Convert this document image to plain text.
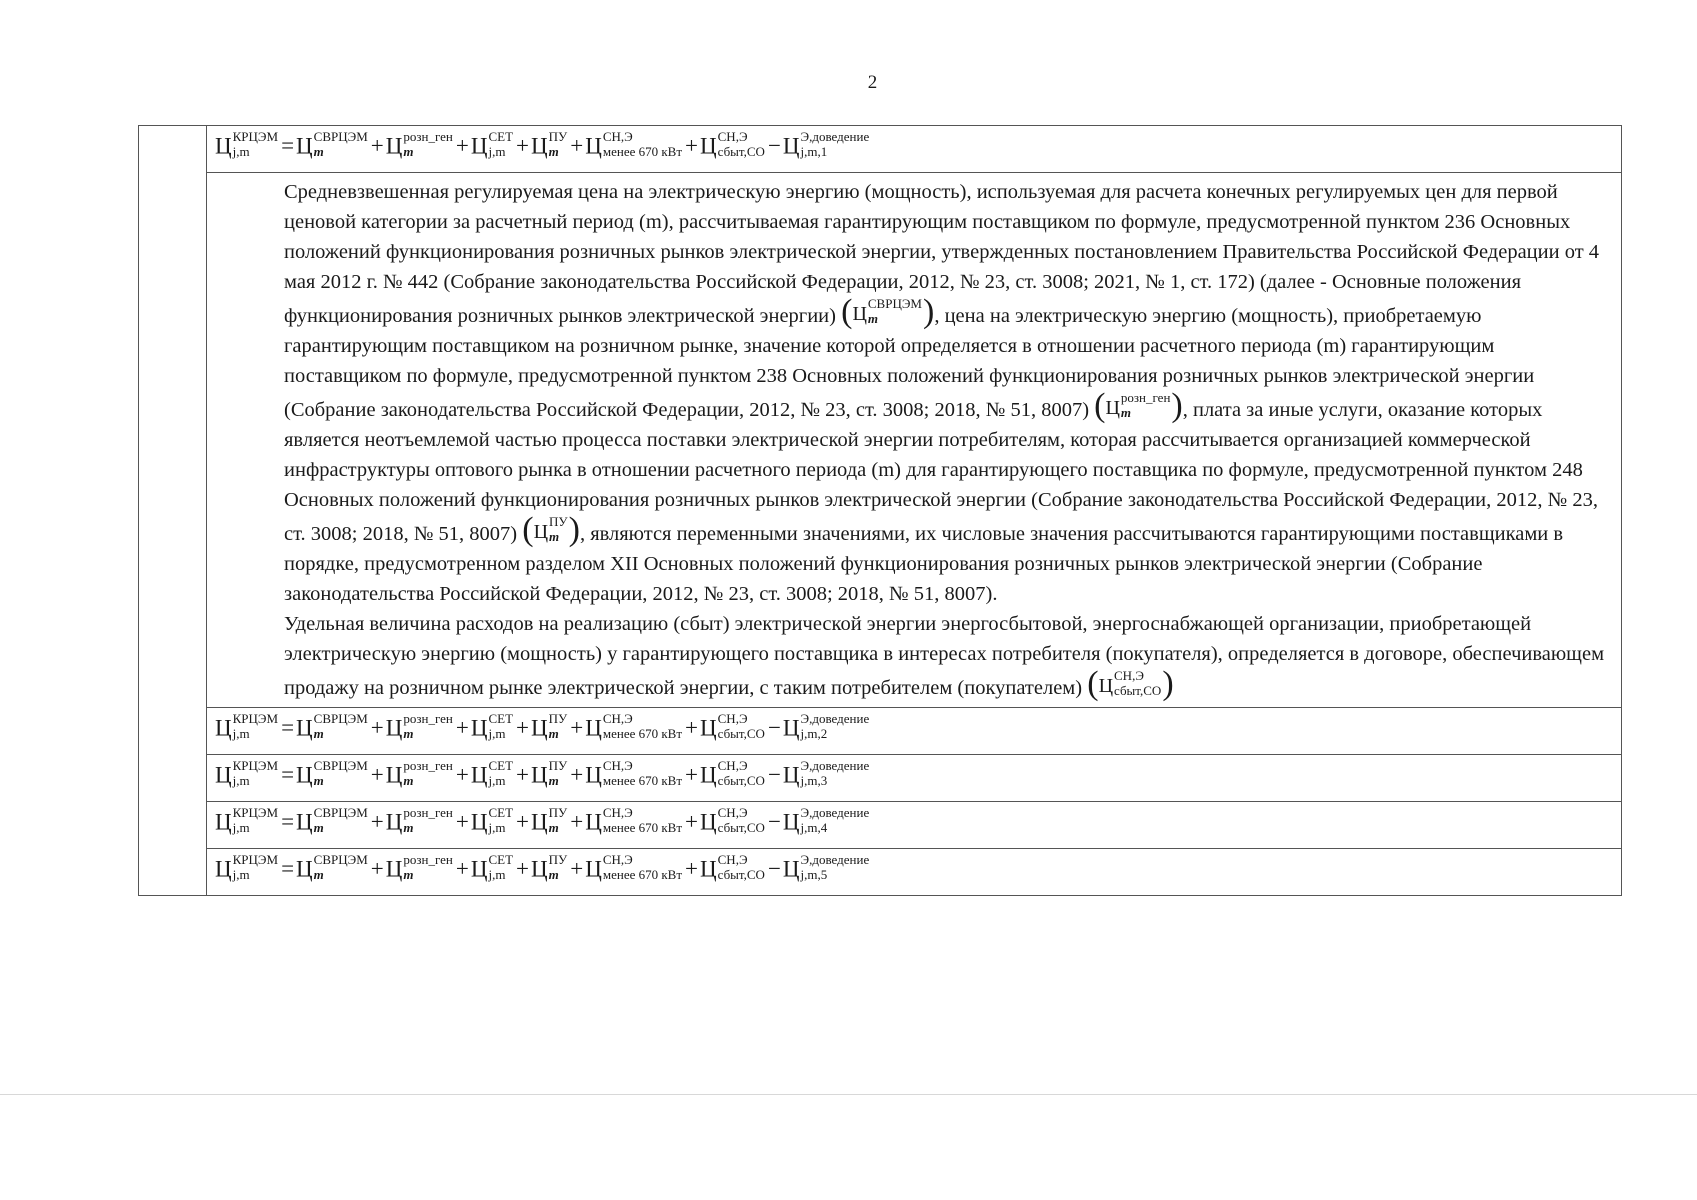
2

Ц КРЦЭМ
j,m	=Ц СВРЦЭМ
m	+Ц розн_ген
m	+Ц СЕТ
j,m +Ц ПУ
m +Ц СН,Э
менее 670 кВт +Ц СН,Э
сбыт,СО −Ц Э,доведение
j,m,1

Средневзвешенная регулируемая цена на электрическую энергию (мощность), используемая для расчета конечных регулируемых цен для первой ценовой категории за расчетный период (m), рассчитываемая гарантирующим поставщиком по формуле, предусмотренной пунктом 236 Основных положений функционирования розничных рынков электрической энергии, утвержденных постановлением Правительства Российской Федерации от 4 мая 2012 г. № 442 (Собрание законодательства Российской Федерации, 2012, № 23, ст. 3008; 2021, № 1, ст. 172) (далее - Основные положения функционирования розничных рынков электрической энергии) (Ц СВРЦЭМ
m	), цена на электрическую энергию (мощность), приобретаемую гарантирующим поставщиком на розничном рынке, значение которой определяется в отношении расчетного периода (m) гарантирующим поставщиком по формуле, предусмотренной пунктом 238 Основных положений функционирования розничных рынков электрической энергии (Собрание законодательства Российской Федерации, 2012, № 23, ст. 3008; 2018, № 51, 8007) (Ц розн_ген
m	), плата за иные услуги, оказание которых является неотъемлемой частью процесса поставки электрической энергии потребителям, которая рассчитывается организацией коммерческой инфраструктуры оптового рынка в отношении расчетного периода (m) для гарантирующего поставщика по формуле, предусмотренной пунктом 248 Основных положений функционирования розничных рынков электрической энергии (Собрание законодательства Российской Федерации, 2012, № 23, ст. 3008; 2018, № 51, 8007) (Ц ПУ
m ), являются переменными значениями, их числовые значения рассчитываются гарантирующими поставщиками в порядке, предусмотренном разделом XII Основных положений функционирования розничных рынков электрической энергии (Собрание законодательства Российской Федерации, 2012, № 23, ст. 3008; 2018, № 51, 8007).

Удельная величина расходов на реализацию (сбыт) электрической энергии энергосбытовой, энергоснабжающей организации, приобретающей электрическую энергию (мощность) у гарантирующего поставщика в интересах потребителя (покупателя), определяется в договоре, обеспечивающем продажу на розничном рынке электрической энергии, с таким потребителем (покупателем) (Ц СН,Э
сбыт,СО )

Ц КРЦЭМ
j,m	=Ц СВРЦЭМ
m	+Ц розн_ген
m	+Ц СЕТ
j,m +Ц ПУ
m +Ц СН,Э
менее 670 кВт +Ц СН,Э
сбыт,СО −Ц Э,доведение
j,m,2

Ц КРЦЭМ
j,m	=Ц СВРЦЭМ
m	+Ц розн_ген
m	+Ц СЕТ
j,m +Ц ПУ
m +Ц СН,Э
менее 670 кВт +Ц СН,Э
сбыт,СО −Ц Э,доведение
j,m,3

Ц КРЦЭМ
j,m	=Ц СВРЦЭМ
m	+Ц розн_ген
m	+Ц СЕТ
j,m +Ц ПУ
m +Ц СН,Э
менее 670 кВт +Ц СН,Э
сбыт,СО −Ц Э,доведение
j,m,4

Ц КРЦЭМ
j,m	=Ц СВРЦЭМ
m	+Ц розн_ген
m	+Ц СЕТ
j,m +Ц ПУ
m +Ц СН,Э
менее 670 кВт +Ц СН,Э
сбыт,СО −Ц Э,доведение
j,m,5
